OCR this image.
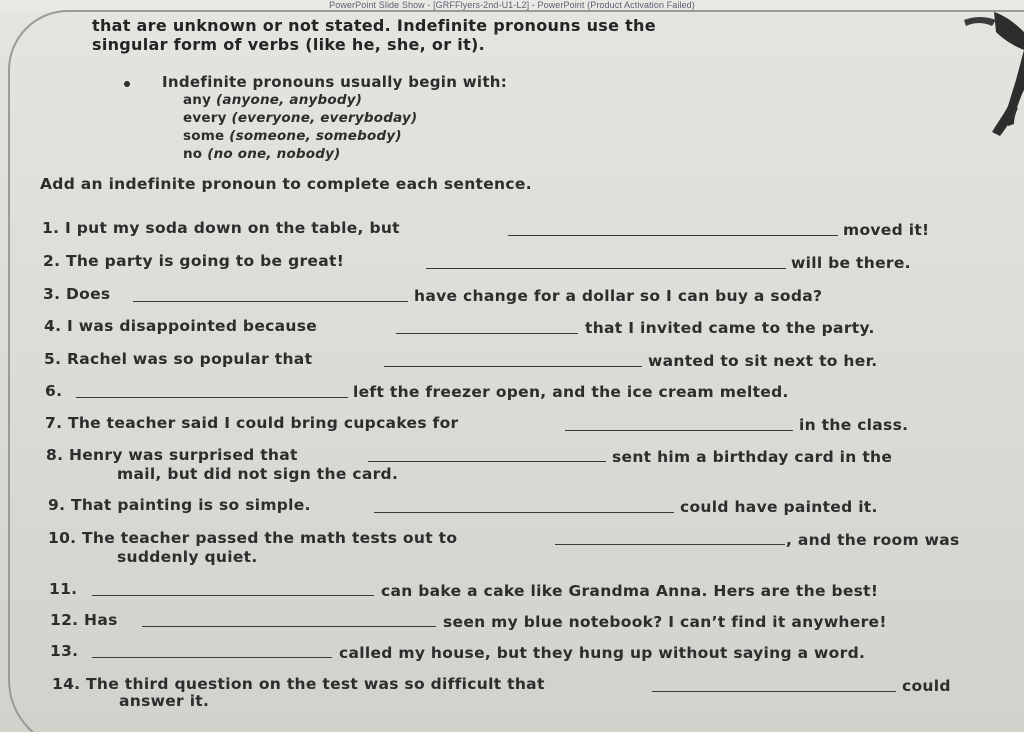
PowerPoint Slide Show - [GRFFlyers-2nd-U1-L2] - PowerPoint (Product Activation Failed)
that are unknown or not stated. Indefinite pronouns use the
singular form of verbs (like he, she, or it).
Indefinite pronouns usually begin with:
any (anyone, anybody)
every (everyone, everyboday)
some (someone, somebody)
no (no one, nobody)
Add an indefinite pronoun to complete each sentence.
1. I put my soda down on the table, but	moved it!
2. The party is going to be great!	will be there.
3. Does	have change for a dollar so I can buy a soda?
4. I was disappointed because	that I invited came to the party.
5. Rachel was so popular that	wanted to sit next to her.
6.	left the freezer open, and the ice cream melted.
7. The teacher said I could bring cupcakes for	in the class.
8. Henry was surprised that	sent him a birthday card in the
mail, but did not sign the card.
9. That painting is so simple.	could have painted it.
10. The teacher passed the math tests out to	, and the room was
suddenly quiet.
11.	can bake a cake like Grandma Anna. Hers are the best!
12. Has	seen my blue notebook? I can’t find it anywhere!
13.	called my house, but they hung up without saying a word.
14. The third question on the test was so difficult that	could
answer it.
